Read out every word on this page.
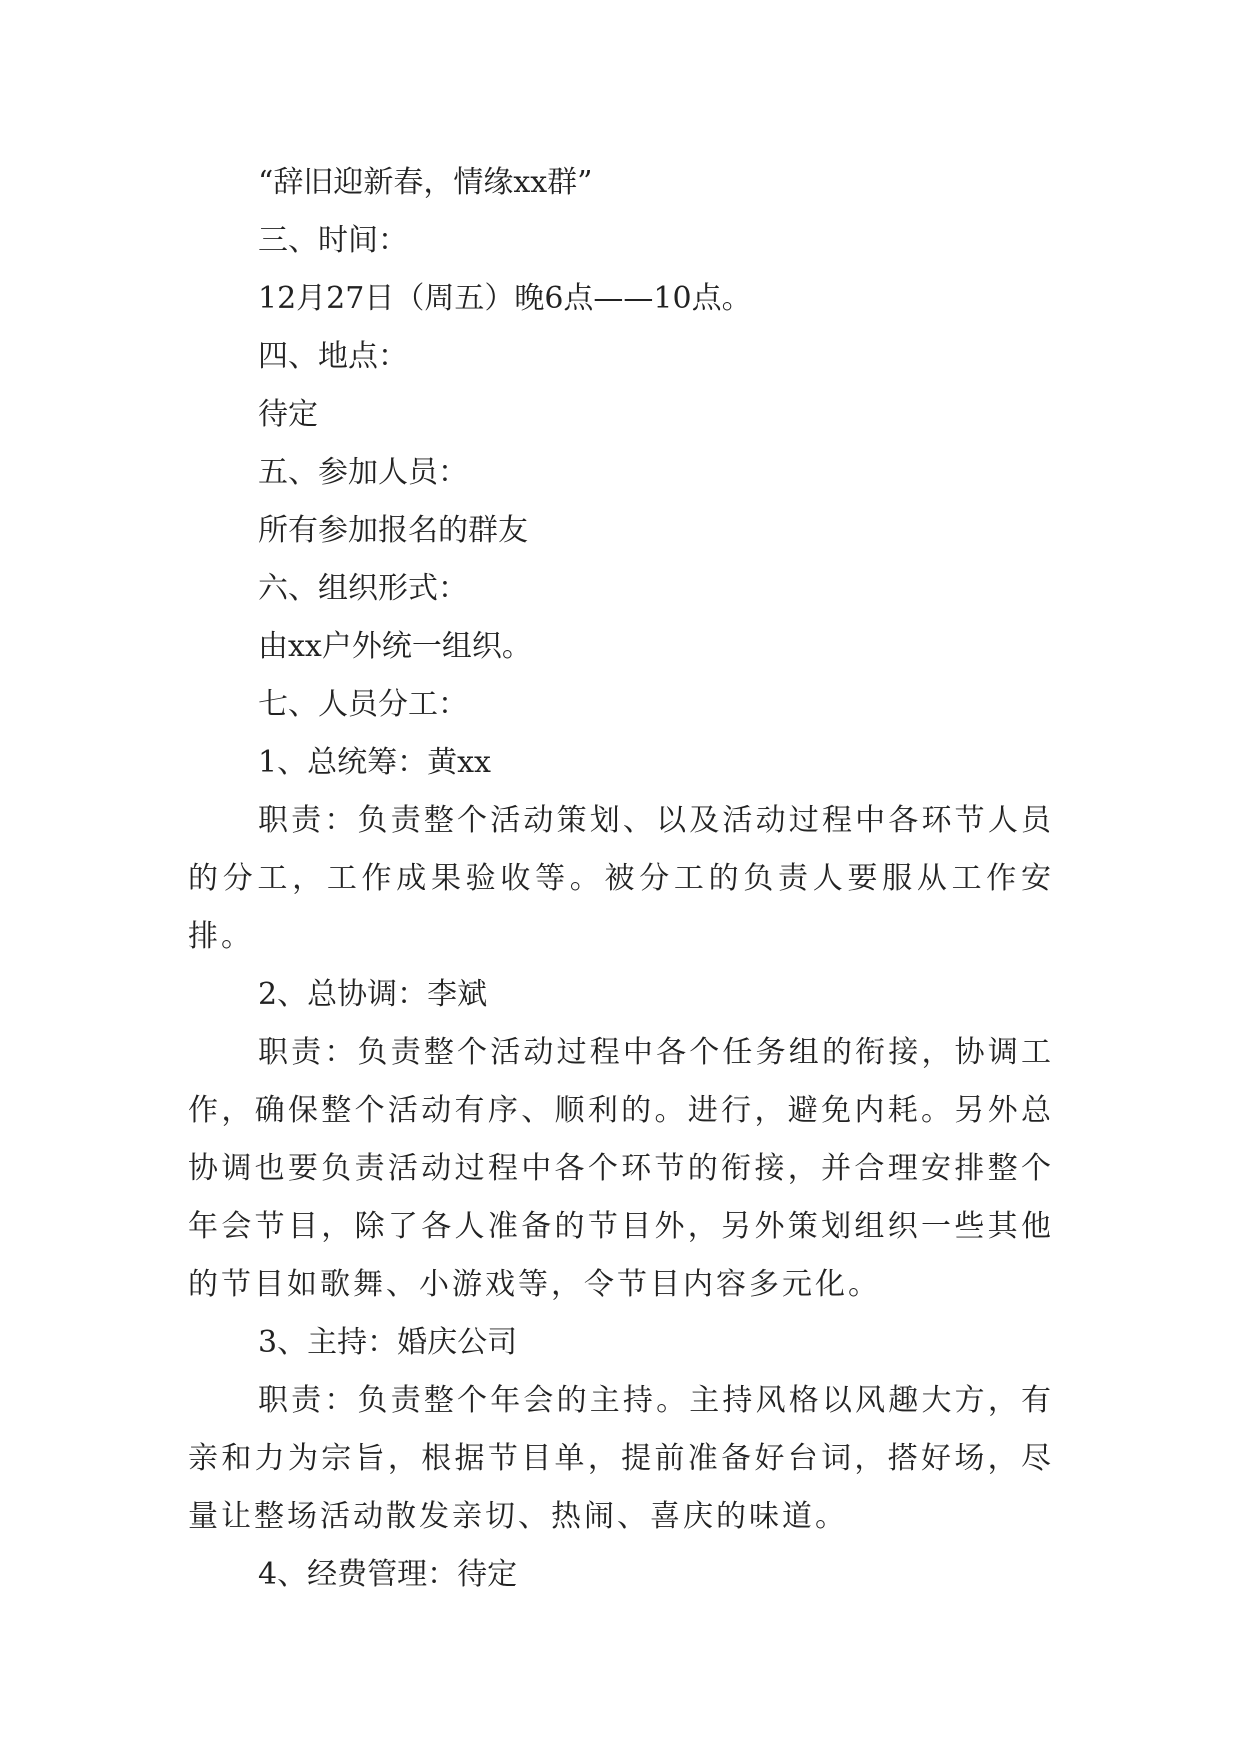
“辞旧迎新春，情缘xx群”

三、时间：

12月27日（周五）晚6点——10点。

四、地点：

待定

五、参加人员：

所有参加报名的群友

六、组织形式：

由xx户外统一组织。

七、人员分工：

1、总统筹：黄xx

职责：负责整个活动策划、以及活动过程中各环节人员的分工，工作成果验收等。被分工的负责人要服从工作安排。

2、总协调：李斌

职责：负责整个活动过程中各个任务组的衔接，协调工作，确保整个活动有序、顺利的。进行，避免内耗。另外总协调也要负责活动过程中各个环节的衔接，并合理安排整个年会节目，除了各人准备的节目外，另外策划组织一些其他的节目如歌舞、小游戏等，令节目内容多元化。

3、主持：婚庆公司

职责：负责整个年会的主持。主持风格以风趣大方，有亲和力为宗旨，根据节目单，提前准备好台词，搭好场，尽量让整场活动散发亲切、热闹、喜庆的味道。

4、经费管理：待定
